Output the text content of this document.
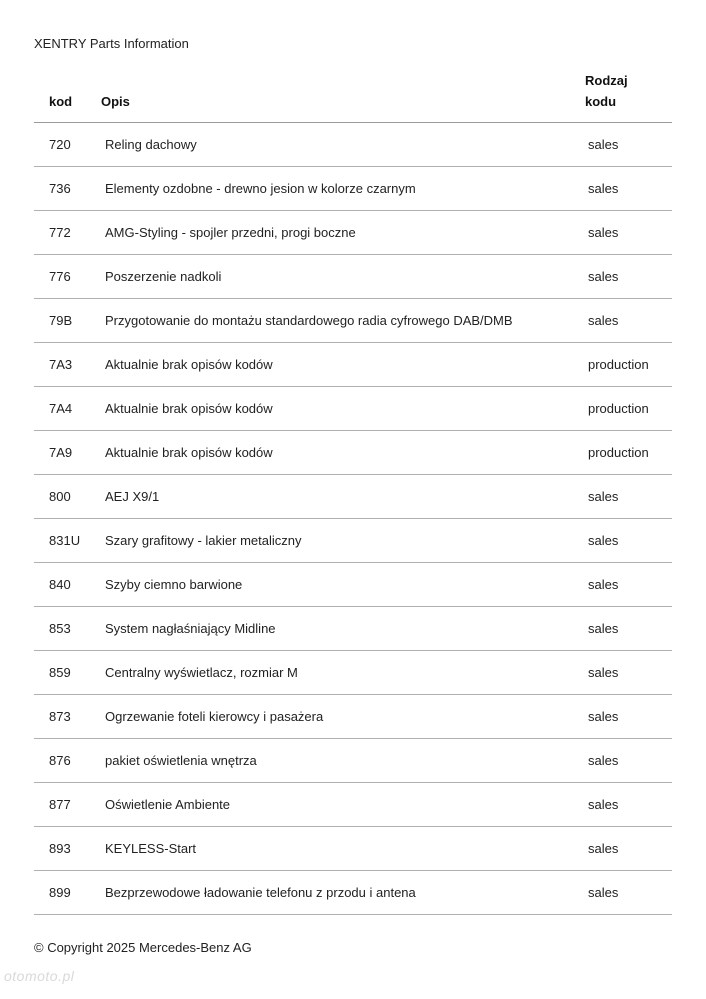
XENTRY Parts Information
kod	Opis	Rodzaj
kodu
720	Reling dachowy	sales
736	Elementy ozdobne - drewno jesion w kolorze czarnym	sales
772	AMG-Styling - spojler przedni, progi boczne	sales
776	Poszerzenie nadkoli	sales
79B	Przygotowanie do montażu standardowego radia cyfrowego DAB/DMB	sales
7A3	Aktualnie brak opisów kodów	production
7A4	Aktualnie brak opisów kodów	production
7A9	Aktualnie brak opisów kodów	production
800	AEJ X9/1	sales
831U	Szary grafitowy - lakier metaliczny	sales
840	Szyby ciemno barwione	sales
853	System nagłaśniający Midline	sales
859	Centralny wyświetlacz, rozmiar M	sales
873	Ogrzewanie foteli kierowcy i pasażera	sales
876	pakiet oświetlenia wnętrza	sales
877	Oświetlenie Ambiente	sales
893	KEYLESS-Start	sales
899	Bezprzewodowe ładowanie telefonu z przodu i antena	sales
© Copyright 2025 Mercedes-Benz AG
otomoto.pl
